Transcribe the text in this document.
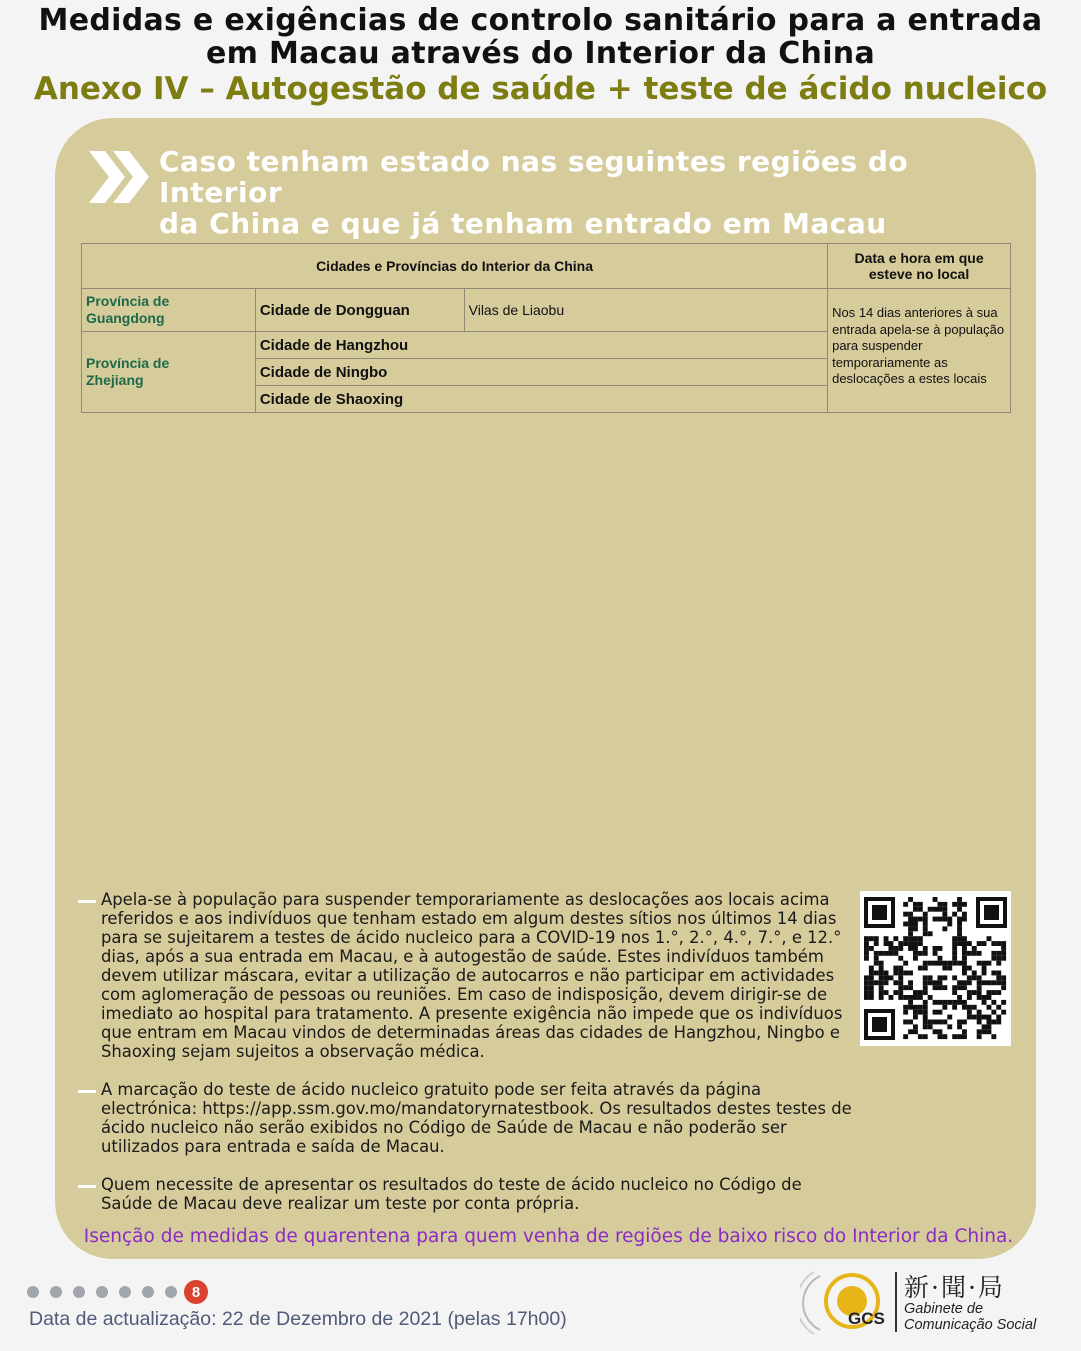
Medidas e exigências de controlo sanitário para a entrada
em Macau através do Interior da China
Anexo IV – Autogestão de saúde + teste de ácido nucleico
Caso tenham estado nas seguintes regiões do Interior
da China e que já tenham entrado em Macau
Cidades e Províncias do Interior da China			Data e hora em que
esteve no local

Província de
Guangdong	Cidade de Dongguan	Vilas de Liaobu	Nos 14 dias anteriores à sua entrada apela-se à população para suspender temporariamente as deslocações a estes locais

Província de
Zhejiang	Cidade de Hangzhou		
	Cidade de Ningbo		
	Cidade de Shaoxing		
Apela-se à população para suspender temporariamente as deslocações aos locais acima referidos e aos indivíduos que tenham estado em algum destes sítios nos últimos 14 dias para se sujeitarem a testes de ácido nucleico para a COVID-19 nos 1.°, 2.°, 4.°, 7.°, e 12.° dias, após a sua entrada em Macau, e à autogestão de saúde. Estes indivíduos também devem utilizar máscara, evitar a utilização de autocarros e não participar em actividades com aglomeração de pessoas ou reuniões. Em caso de indisposição, devem dirigir-se de imediato ao hospital para tratamento. A presente exigência não impede que os indivíduos que entram em Macau vindos de determinadas áreas das cidades de Hangzhou, Ningbo e Shaoxing sejam sujeitos a observação médica.
A marcação do teste de ácido nucleico gratuito pode ser feita através da página electrónica: https://app.ssm.gov.mo/mandatoryrnatestbook. Os resultados destes testes de ácido nucleico não serão exibidos no Código de Saúde de Macau e não poderão ser utilizados para entrada e saída de Macau.
Quem necessite de apresentar os resultados do teste de ácido nucleico no Código de Saúde de Macau deve realizar um teste por conta própria.
Isenção de medidas de quarentena para quem venha de regiões de baixo risco do Interior da China.
8
Data de actualização: 22 de Dezembro de 2021 (pelas 17h00)	GCS
新·聞·局
Gabinete de
Comunicação Social
